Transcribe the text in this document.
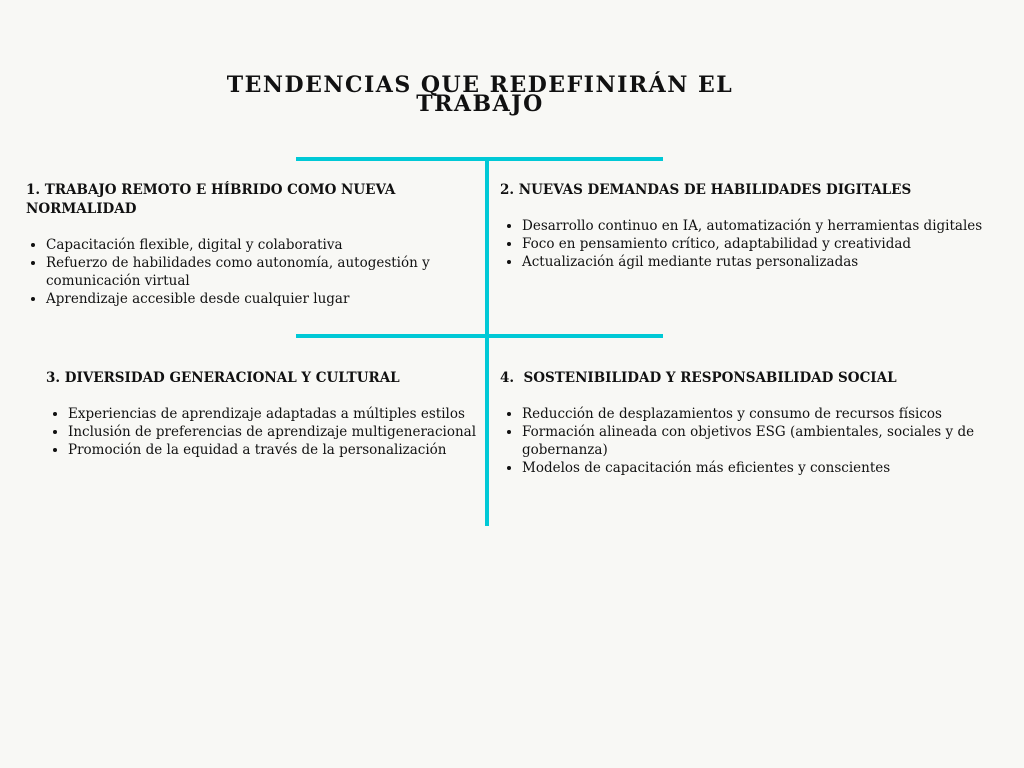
TENDENCIAS QUE REDEFINIRÁN EL TRABAJO
1. TRABAJO REMOTO E HÍBRIDO COMO NUEVA NORMALIDAD
• Capacitación flexible, digital y colaborativa
• Refuerzo de habilidades como autonomía, autogestión y comunicación virtual
• Aprendizaje accesible desde cualquier lugar
2. NUEVAS DEMANDAS DE HABILIDADES DIGITALES
• Desarrollo continuo en IA, automatización y herramientas digitales
• Foco en pensamiento crítico, adaptabilidad y creatividad
• Actualización ágil mediante rutas personalizadas
3. DIVERSIDAD GENERACIONAL Y CULTURAL
• Experiencias de aprendizaje adaptadas a múltiples estilos
• Inclusión de preferencias de aprendizaje multigeneracional
• Promoción de la equidad a través de la personalización
4.  SOSTENIBILIDAD Y RESPONSABILIDAD SOCIAL
• Reducción de desplazamientos y consumo de recursos físicos
• Formación alineada con objetivos ESG (ambientales, sociales y de gobernanza)
• Modelos de capacitación más eficientes y conscientes
